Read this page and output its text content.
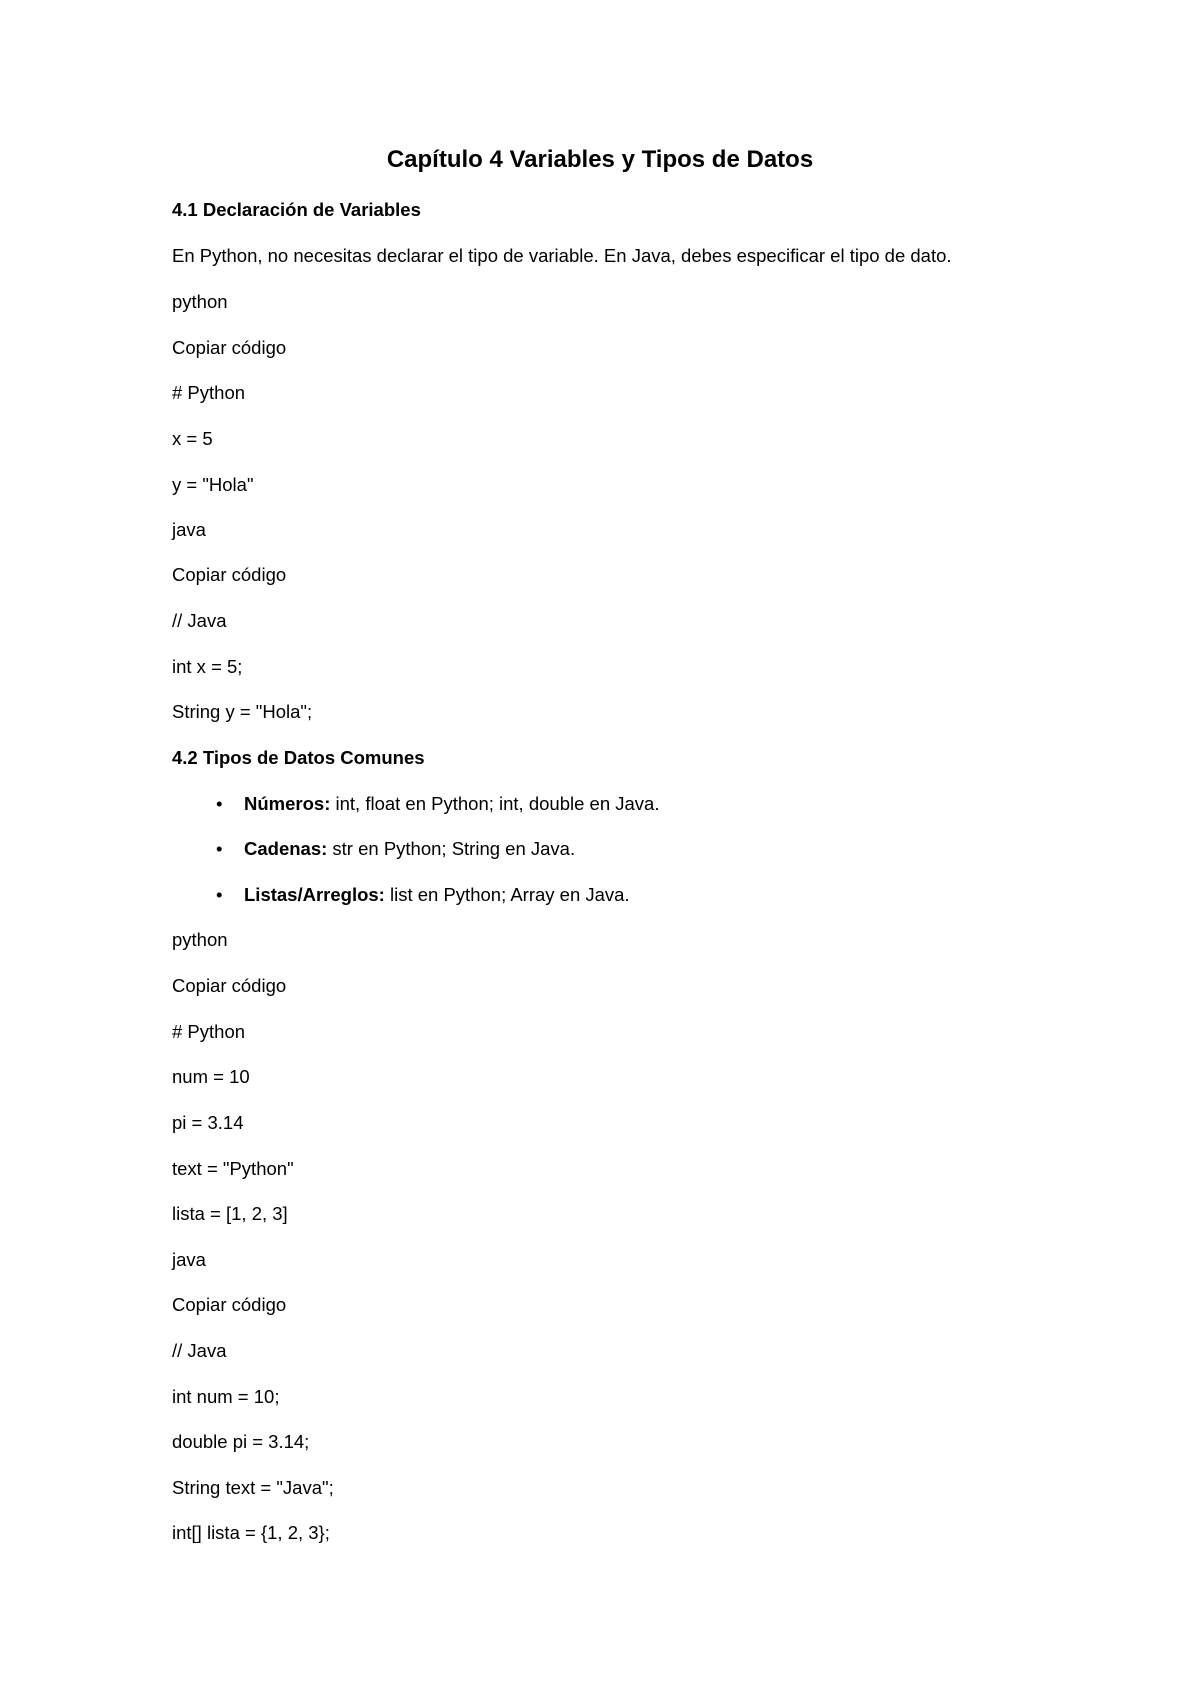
Capítulo 4 Variables y Tipos de Datos
4.1 Declaración de Variables
En Python, no necesitas declarar el tipo de variable. En Java, debes especificar el tipo de dato.
python
Copiar código
# Python
x = 5
y = "Hola"
java
Copiar código
// Java
int x = 5;
String y = "Hola";
4.2 Tipos de Datos Comunes
• Números: int, float en Python; int, double en Java.
• Cadenas: str en Python; String en Java.
• Listas/Arreglos: list en Python; Array en Java.
python
Copiar código
# Python
num = 10
pi = 3.14
text = "Python"
lista = [1, 2, 3]
java
Copiar código
// Java
int num = 10;
double pi = 3.14;
String text = "Java";
int[] lista = {1, 2, 3};
